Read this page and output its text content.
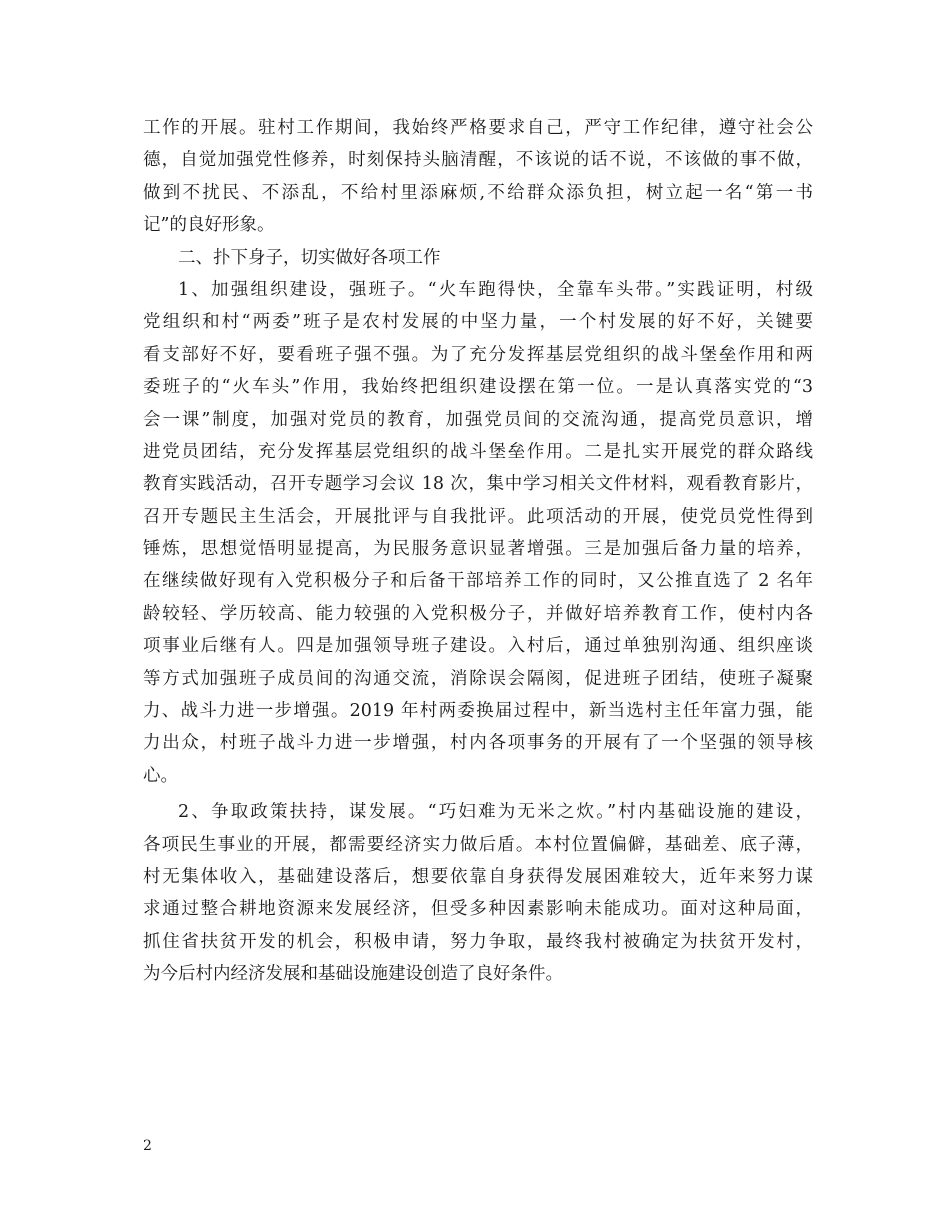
工作的开展。驻村工作期间，我始终严格要求自己，严守工作纪律，遵守社会公
德，自觉加强党性修养，时刻保持头脑清醒，不该说的话不说，不该做的事不做，
做到不扰民、不添乱，不给村里添麻烦,不给群众添负担，树立起一名“第一书
记”的良好形象。
二、扑下身子，切实做好各项工作
1、加强组织建设，强班子。“火车跑得快，全靠车头带。”实践证明，村级
党组织和村“两委”班子是农村发展的中坚力量，一个村发展的好不好，关键要
看支部好不好，要看班子强不强。为了充分发挥基层党组织的战斗堡垒作用和两
委班子的“火车头”作用，我始终把组织建设摆在第一位。一是认真落实党的“3
会一课”制度，加强对党员的教育，加强党员间的交流沟通，提高党员意识，增
进党员团结，充分发挥基层党组织的战斗堡垒作用。二是扎实开展党的群众路线
教育实践活动，召开专题学习会议 18 次，集中学习相关文件材料，观看教育影片，
召开专题民主生活会，开展批评与自我批评。此项活动的开展，使党员党性得到
锤炼，思想觉悟明显提高，为民服务意识显著增强。三是加强后备力量的培养，
在继续做好现有入党积极分子和后备干部培养工作的同时，又公推直选了 2 名年
龄较轻、学历较高、能力较强的入党积极分子，并做好培养教育工作，使村内各
项事业后继有人。四是加强领导班子建设。入村后，通过单独别沟通、组织座谈
等方式加强班子成员间的沟通交流，消除误会隔阂，促进班子团结，使班子凝聚
力、战斗力进一步增强。2019 年村两委换届过程中，新当选村主任年富力强，能
力出众，村班子战斗力进一步增强，村内各项事务的开展有了一个坚强的领导核
心。
2、争取政策扶持，谋发展。“巧妇难为无米之炊。”村内基础设施的建设，
各项民生事业的开展，都需要经济实力做后盾。本村位置偏僻，基础差、底子薄，
村无集体收入，基础建设落后，想要依靠自身获得发展困难较大，近年来努力谋
求通过整合耕地资源来发展经济，但受多种因素影响未能成功。面对这种局面，
抓住省扶贫开发的机会，积极申请，努力争取，最终我村被确定为扶贫开发村，
为今后村内经济发展和基础设施建设创造了良好条件。
2
